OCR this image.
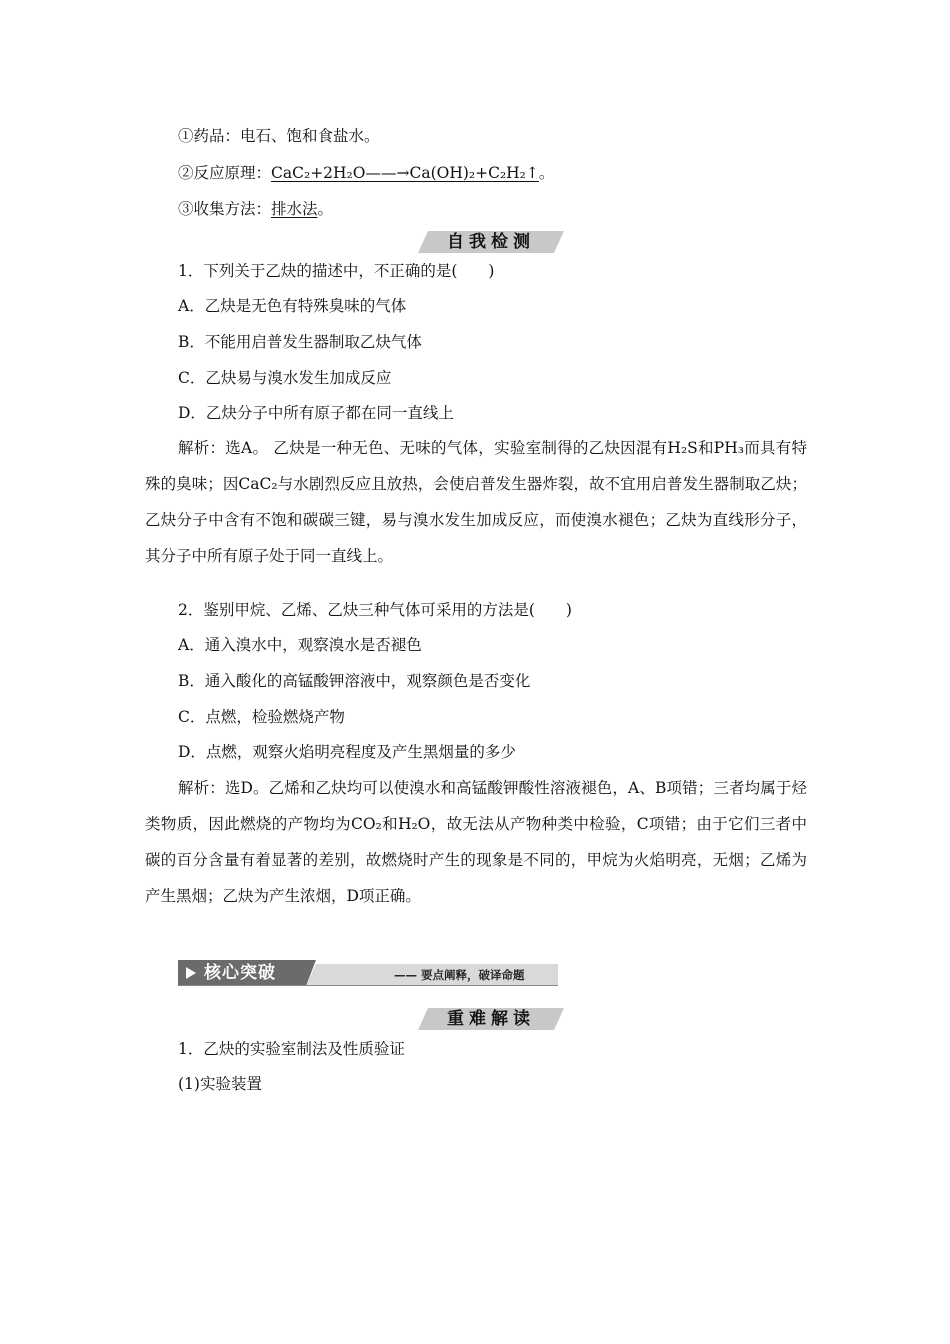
①药品：电石、饱和食盐水。
②反应原理：CaC₂+2H₂O——→Ca(OH)₂+C₂H₂↑。
③收集方法：排水法。
自我检测
1．下列关于乙炔的描述中，不正确的是(　　)
A．乙炔是无色有特殊臭味的气体
B．不能用启普发生器制取乙炔气体
C．乙炔易与溴水发生加成反应
D．乙炔分子中所有原子都在同一直线上
解析：选A。 乙炔是一种无色、无味的气体，实验室制得的乙炔因混有H₂S和PH₃而具有特殊的臭味；因CaC₂与水剧烈反应且放热，会使启普发生器炸裂，故不宜用启普发生器制取乙炔；乙炔分子中含有不饱和碳碳三键，易与溴水发生加成反应，而使溴水褪色；乙炔为直线形分子，其分子中所有原子处于同一直线上。
2．鉴别甲烷、乙烯、乙炔三种气体可采用的方法是(　　)
A．通入溴水中，观察溴水是否褪色
B．通入酸化的高锰酸钾溶液中，观察颜色是否变化
C．点燃，检验燃烧产物
D．点燃，观察火焰明亮程度及产生黑烟量的多少
解析：选D。乙烯和乙炔均可以使溴水和高锰酸钾酸性溶液褪色，A、B项错；三者均属于烃类物质，因此燃烧的产物均为CO₂和H₂O，故无法从产物种类中检验，C项错；由于它们三者中碳的百分含量有着显著的差别，故燃烧时产生的现象是不同的，甲烷为火焰明亮，无烟；乙烯为产生黑烟；乙炔为产生浓烟，D项正确。
核心突破	—— 要点阐释，破译命题
重难解读
1．乙炔的实验室制法及性质验证
(1)实验装置
